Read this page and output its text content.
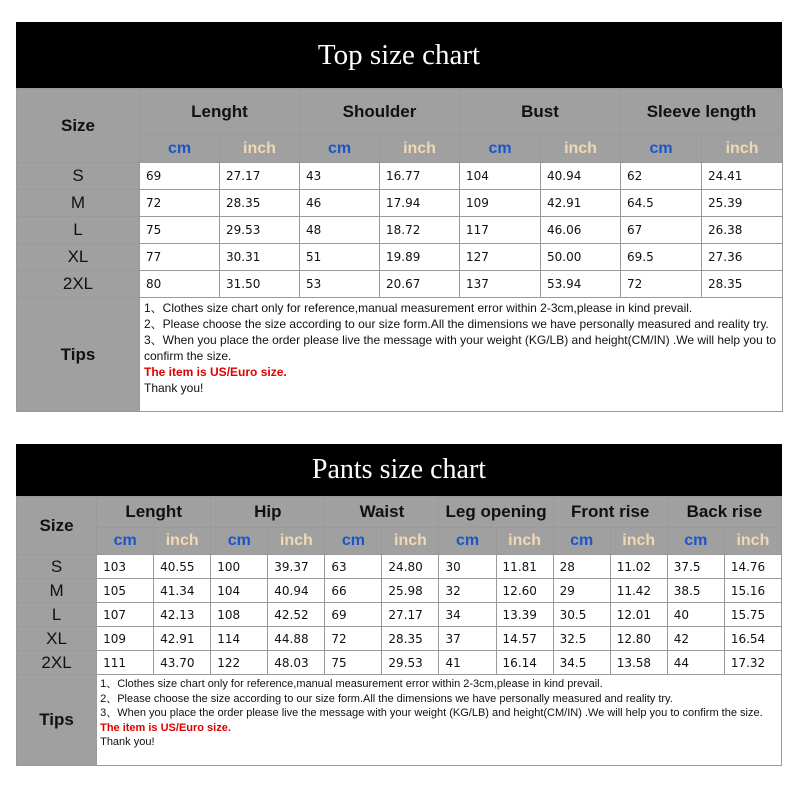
Top size chart
Size	Lenght		Shoulder		Bust		Sleeve length	
	cm	inch	cm	inch	cm	inch	cm	inch
S	69	27.17	43	16.77	104	40.94	62	24.41
M	72	28.35	46	17.94	109	42.91	64.5	25.39
L	75	29.53	48	18.72	117	46.06	67	26.38
XL	77	30.31	51	19.89	127	50.00	69.5	27.36
2XL	80	31.50	53	20.67	137	53.94	72	28.35
Tips	1、Clothes size chart only for reference,manual measurement error within 2-3cm,please in kind prevail.
2、Please choose the size according to our size form.All the dimensions we have personally measured and reality try.
3、When you place the order please live the message with your weight (KG/LB) and height(CM/IN) .We will help you to confirm the size.
The item is US/Euro size.
Thank you!							
Pants size chart
Size	Lenght		Hip		Waist		Leg opening		Front rise		Back rise	
	cm	inch	cm	inch	cm	inch	cm	inch	cm	inch	cm	inch
S	103	40.55	100	39.37	63	24.80	30	11.81	28	11.02	37.5	14.76
M	105	41.34	104	40.94	66	25.98	32	12.60	29	11.42	38.5	15.16
L	107	42.13	108	42.52	69	27.17	34	13.39	30.5	12.01	40	15.75
XL	109	42.91	114	44.88	72	28.35	37	14.57	32.5	12.80	42	16.54
2XL	111	43.70	122	48.03	75	29.53	41	16.14	34.5	13.58	44	17.32
Tips	1、Clothes size chart only for reference,manual measurement error within 2-3cm,please in kind prevail.
2、Please choose the size according to our size form.All the dimensions we have personally measured and reality try.
3、When you place the order please live the message with your weight (KG/LB) and height(CM/IN) .We will help you to confirm the size.
The item is US/Euro size.
Thank you!											
